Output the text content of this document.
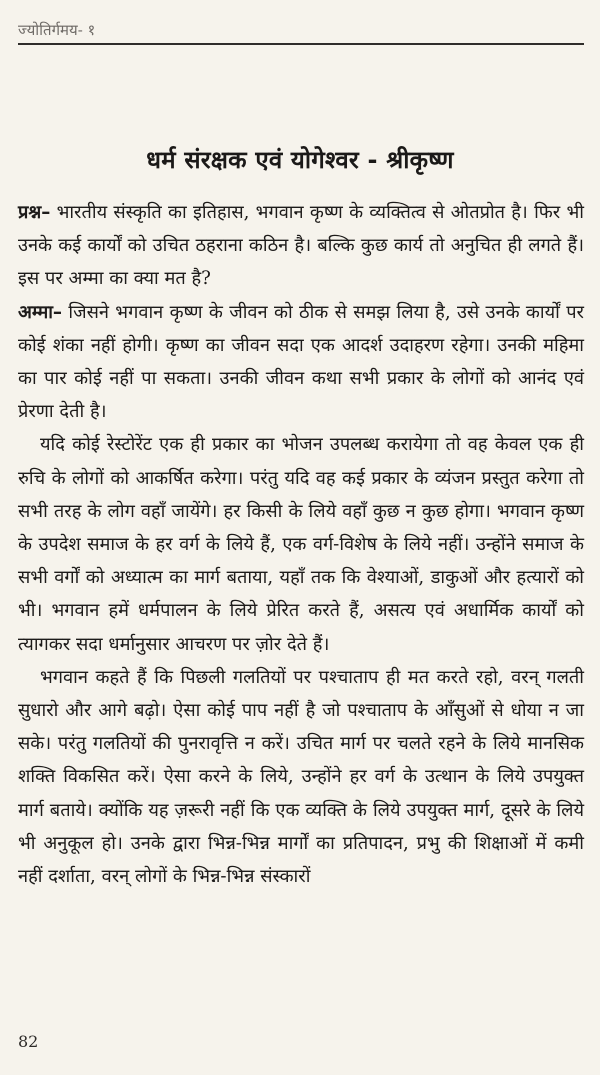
ज्योतिर्गमय- १
धर्म संरक्षक एवं योगेश्वर - श्रीकृष्ण

प्रश्न– भारतीय संस्कृति का इतिहास, भगवान कृष्ण के व्यक्तित्व से ओतप्रोत है। फिर भी उनके कई कार्यों को उचित ठहराना कठिन है। बल्कि कुछ कार्य तो अनुचित ही लगते हैं। इस पर अम्मा का क्या मत है?

अम्मा– जिसने भगवान कृष्ण के जीवन को ठीक से समझ लिया है, उसे उनके कार्यों पर कोई शंका नहीं होगी। कृष्ण का जीवन सदा एक आदर्श उदाहरण रहेगा। उनकी महिमा का पार कोई नहीं पा सकता। उनकी जीवन कथा सभी प्रकार के लोगों को आनंद एवं प्रेरणा देती है।

यदि कोई रेस्टोरेंट एक ही प्रकार का भोजन उपलब्ध करायेगा तो वह केवल एक ही रुचि के लोगों को आकर्षित करेगा। परंतु यदि वह कई प्रकार के व्यंजन प्रस्तुत करेगा तो सभी तरह के लोग वहाँ जायेंगे। हर किसी के लिये वहाँ कुछ न कुछ होगा। भगवान कृष्ण के उपदेश समाज के हर वर्ग के लिये हैं, एक वर्ग-विशेष के लिये नहीं। उन्होंने समाज के सभी वर्गों को अध्यात्म का मार्ग बताया, यहाँ तक कि वेश्याओं, डाकुओं और हत्यारों को भी। भगवान हमें धर्मपालन के लिये प्रेरित करते हैं, असत्य एवं अधार्मिक कार्यों को त्यागकर सदा धर्मानुसार आचरण पर ज़ोर देते हैं।

भगवान कहते हैं कि पिछली गलतियों पर पश्चाताप ही मत करते रहो, वरन् गलती सुधारो और आगे बढ़ो। ऐसा कोई पाप नहीं है जो पश्चाताप के आँसुओं से धोया न जा सके। परंतु गलतियों की पुनरावृत्ति न करें। उचित मार्ग पर चलते रहने के लिये मानसिक शक्ति विकसित करें। ऐसा करने के लिये, उन्होंने हर वर्ग के उत्थान के लिये उपयुक्त मार्ग बताये। क्योंकि यह ज़रूरी नहीं कि एक व्यक्ति के लिये उपयुक्त मार्ग, दूसरे के लिये भी अनुकूल हो। उनके द्वारा भिन्न-भिन्न मार्गों का प्रतिपादन, प्रभु की शिक्षाओं में कमी नहीं दर्शाता, वरन् लोगों के भिन्न-भिन्न संस्कारों

82
